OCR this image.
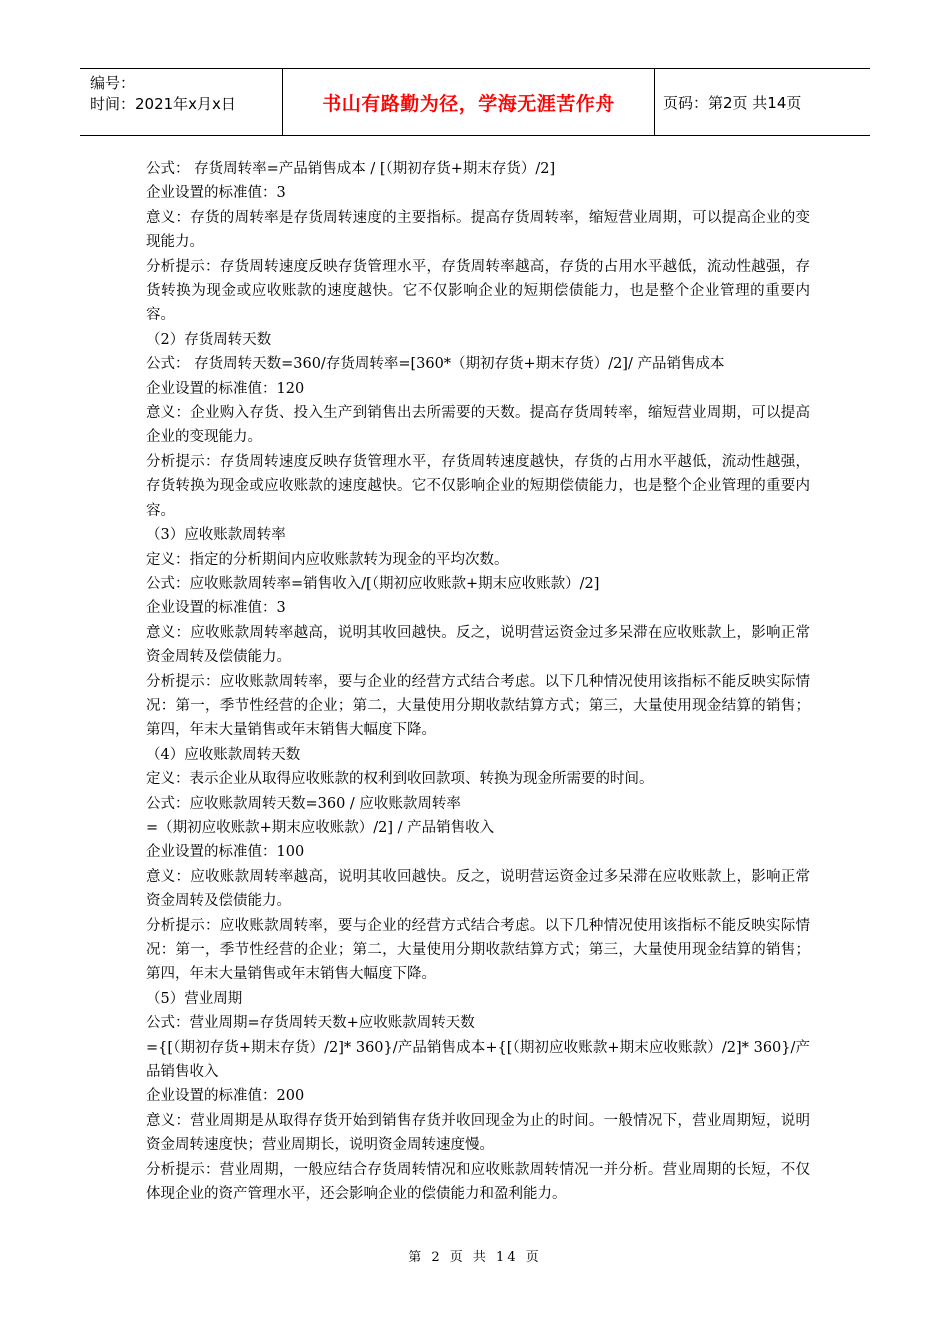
编号：
时间：2021年x月x日	书山有路勤为径，学海无涯苦作舟	页码：第2页 共14页

公式： 存货周转率=产品销售成本 / [（期初存货+期末存货）/2]

企业设置的标准值：3

意义：存货的周转率是存货周转速度的主要指标。提高存货周转率，缩短营业周期，可以提高企业的变现能力。

分析提示：存货周转速度反映存货管理水平，存货周转率越高，存货的占用水平越低，流动性越强，存货转换为现金或应收账款的速度越快。它不仅影响企业的短期偿债能力，也是整个企业管理的重要内容。

（2）存货周转天数

公式： 存货周转天数=360/存货周转率=[360*（期初存货+期末存货）/2]/ 产品销售成本

企业设置的标准值：120

意义：企业购入存货、投入生产到销售出去所需要的天数。提高存货周转率，缩短营业周期，可以提高企业的变现能力。

分析提示：存货周转速度反映存货管理水平，存货周转速度越快，存货的占用水平越低，流动性越强，存货转换为现金或应收账款的速度越快。它不仅影响企业的短期偿债能力，也是整个企业管理的重要内容。

（3）应收账款周转率

定义：指定的分析期间内应收账款转为现金的平均次数。

公式：应收账款周转率=销售收入/[（期初应收账款+期末应收账款）/2]

企业设置的标准值：3

意义：应收账款周转率越高，说明其收回越快。反之，说明营运资金过多呆滞在应收账款上，影响正常资金周转及偿债能力。

分析提示：应收账款周转率，要与企业的经营方式结合考虑。以下几种情况使用该指标不能反映实际情况：第一，季节性经营的企业；第二，大量使用分期收款结算方式；第三，大量使用现金结算的销售；第四，年末大量销售或年末销售大幅度下降。

（4）应收账款周转天数

定义：表示企业从取得应收账款的权利到收回款项、转换为现金所需要的时间。

公式：应收账款周转天数=360 / 应收账款周转率

=（期初应收账款+期末应收账款）/2] / 产品销售收入

企业设置的标准值：100

意义：应收账款周转率越高，说明其收回越快。反之，说明营运资金过多呆滞在应收账款上，影响正常资金周转及偿债能力。

分析提示：应收账款周转率，要与企业的经营方式结合考虑。以下几种情况使用该指标不能反映实际情况：第一，季节性经营的企业；第二，大量使用分期收款结算方式；第三，大量使用现金结算的销售；第四，年末大量销售或年末销售大幅度下降。

（5）营业周期

公式：营业周期=存货周转天数+应收账款周转天数

={[（期初存货+期末存货）/2]* 360}/产品销售成本+{[（期初应收账款+期末应收账款）/2]* 360}/产品销售收入

企业设置的标准值：200

意义：营业周期是从取得存货开始到销售存货并收回现金为止的时间。一般情况下，营业周期短，说明资金周转速度快；营业周期长，说明资金周转速度慢。

分析提示：营业周期，一般应结合存货周转情况和应收账款周转情况一并分析。营业周期的长短，不仅体现企业的资产管理水平，还会影响企业的偿债能力和盈利能力。

第 2 页 共 14 页
